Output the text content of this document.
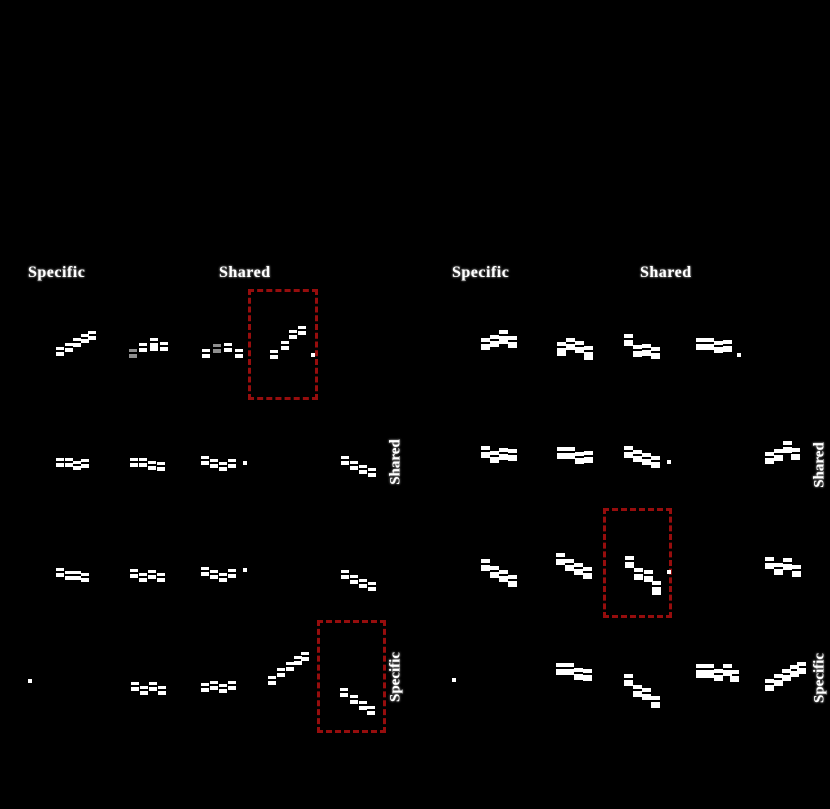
Specific	Shared	Specific	Shared
Shared
Specific
Shared
Specific
